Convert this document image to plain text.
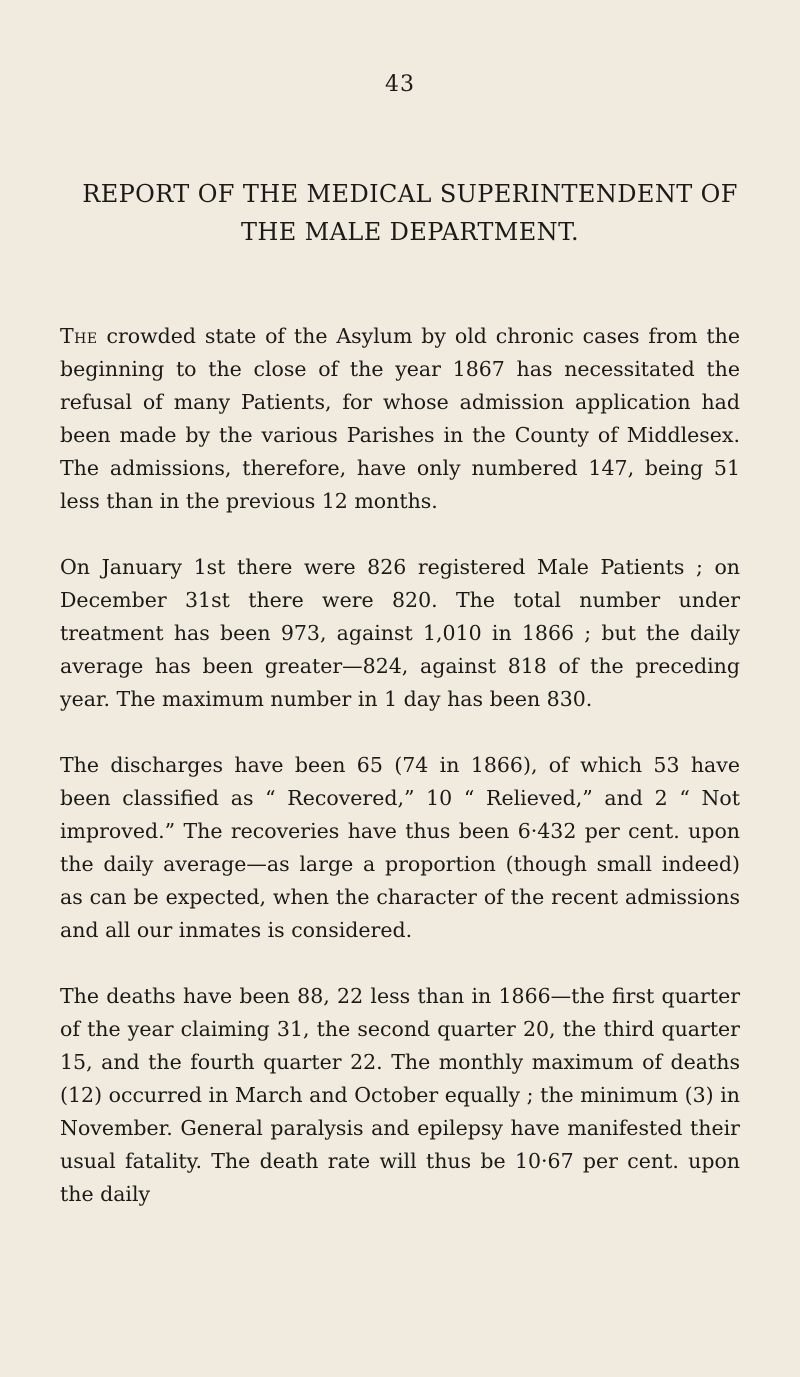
43
REPORT OF THE MEDICAL SUPERINTENDENT OF
THE MALE DEPARTMENT.

The crowded state of the Asylum by old chronic cases from the beginning to the close of the year 1867 has necessitated the refusal of many Patients, for whose admission application had been made by the various Parishes in the County of Middlesex. The admissions, therefore, have only numbered 147, being 51 less than in the previous 12 months.

On January 1st there were 826 registered Male Patients ; on December 31st there were 820. The total number under treatment has been 973, against 1,010 in 1866 ; but the daily average has been greater—824, against 818 of the preceding year. The maximum number in 1 day has been 830.

The discharges have been 65 (74 in 1866), of which 53 have been classified as “ Recovered,” 10 “ Relieved,” and 2 “ Not improved.” The recoveries have thus been 6·432 per cent. upon the daily average—as large a proportion (though small indeed) as can be expected, when the character of the recent admissions and all our inmates is considered.

The deaths have been 88, 22 less than in 1866—the first quarter of the year claiming 31, the second quarter 20, the third quarter 15, and the fourth quarter 22. The monthly maximum of deaths (12) occurred in March and October equally ; the minimum (3) in November. General paralysis and epilepsy have manifested their usual fatality. The death rate will thus be 10·67 per cent. upon the daily
